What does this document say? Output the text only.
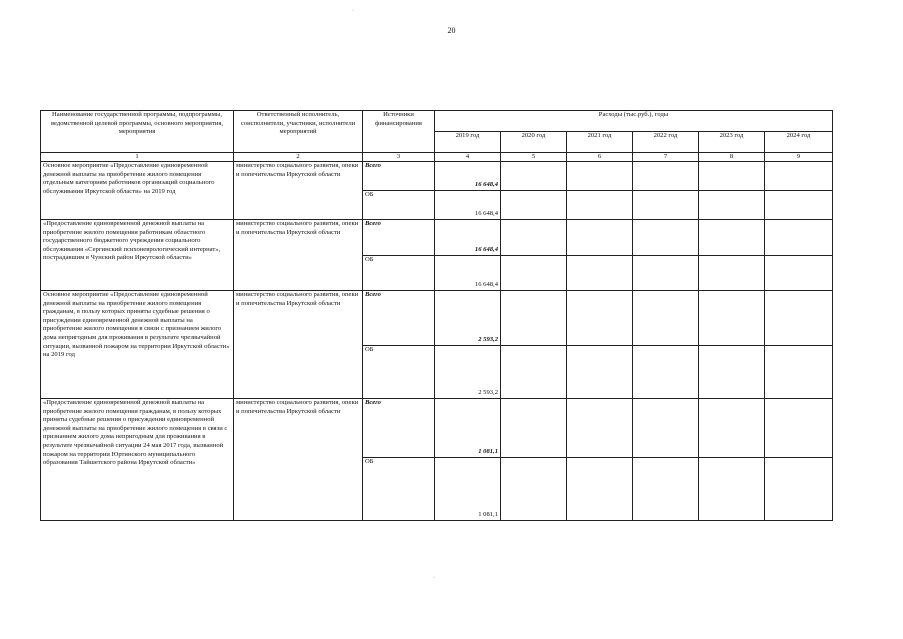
20
Наименование государственной программы, подпрограммы, ведомственной целевой программы, основного мероприятия, мероприятия	Ответственный исполнитель, соисполнители, участники, исполнители мероприятий	Источники финансирования	Расходы (тыс.руб.), годы					
			2019 год	2020 год	2021 год	2022 год	2023 год	2024 год
1	2	3	4	5	6	7	8	9
Основное мероприятие «Предоставление единовременной денежной выплаты на приобретение жилого помещения отдельным категориям работников организаций социального обслуживания Иркутской области» на 2019 год	министерство социального развития, опеки и попечительства Иркутской области	Всего	16 648,4					
		ОБ	16 648,4					
«Предоставление единовременной денежной выплаты на приобретение жилого помещения работникам областного государственного бюджетного учреждения социального обслуживания «Сергинский психоневрологический интернат», пострадавшим в Чунский район Иркутской области»	министерство социального развития, опеки и попечительства Иркутской области	Всего	16 648,4					
		ОБ	16 648,4					
Основное мероприятие «Предоставление единовременной денежной выплаты на приобретение жилого помещения гражданам, в пользу которых приняты судебные решения о присуждении единовременной денежной выплаты на приобретение жилого помещения в связи с признанием жилого дома непригодным для проживания в результате чрезвычайной ситуации, вызванной пожаром на территории Иркутской области» на 2019 год	министерство социального развития, опеки и попечительства Иркутской области	Всего	2 593,2					
		ОБ	2 593,2					
«Предоставление единовременной денежной выплаты на приобретение жилого помещения гражданам, в пользу которых приняты судебные решения о присуждении единовременной денежной выплаты на приобретение жилого помещения в связи с признанием жилого дома непригодным для проживания в результате чрезвычайной ситуации 24 мая 2017 года, вызванной пожаром на территории Юртинского муниципального образования Тайшетского района Иркутской области»	министерство социального развития, опеки и попечительства Иркутской области	Всего	1 081,1					
		ОБ	1 081,1					
·
·
